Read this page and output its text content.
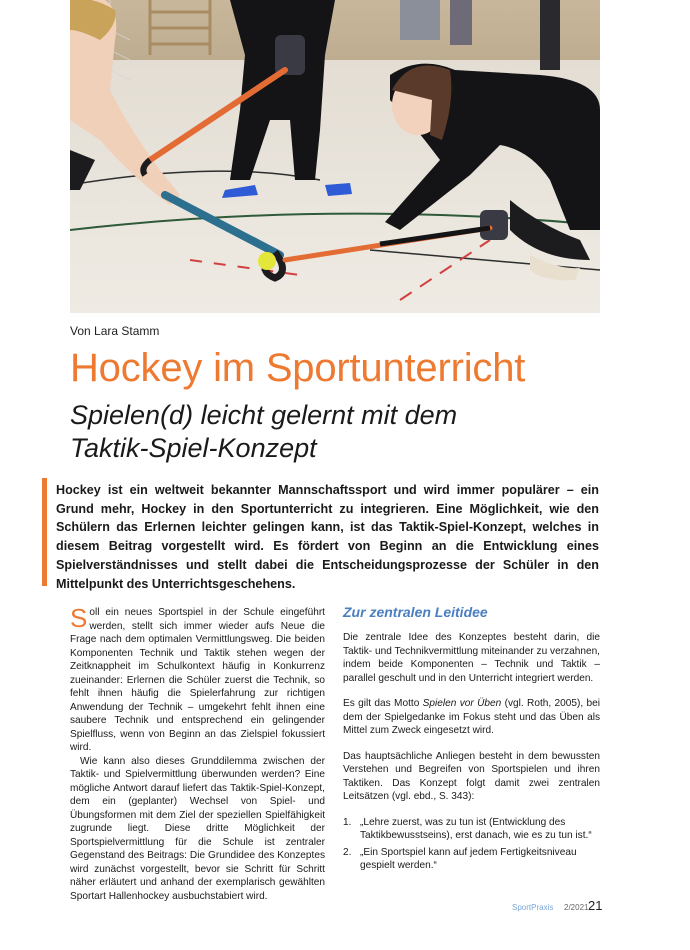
Von Lara Stamm
Hockey im Sportunterricht
Spielen(d) leicht gelernt mit dem
Taktik-Spiel-Konzept

Hockey ist ein weltweit bekannter Mannschaftssport und wird immer populärer – ein Grund mehr, Hockey in den Sportunterricht zu integrieren. Eine Möglichkeit, wie den Schülern das Erlernen leichter gelingen kann, ist das Taktik-Spiel-Konzept, welches in diesem Beitrag vorgestellt wird. Es fördert von Beginn an die Entwicklung eines Spielverständnisses und stellt dabei die Entscheidungsprozesse der Schüler in den Mittelpunkt des Unterrichtsgeschehens.

Soll ein neues Sportspiel in der Schule eingeführt werden, stellt sich immer wieder aufs Neue die Frage nach dem optimalen Vermittlungsweg. Die beiden Komponenten Technik und Taktik stehen wegen der Zeitknappheit im Schulkontext häufig in Konkurrenz zueinander: Erlernen die Schüler zuerst die Technik, so fehlt ihnen häufig die Spielerfahrung zur richtigen Anwendung der Technik – umgekehrt fehlt ihnen eine saubere Technik und entsprechend ein gelingender Spielfluss, wenn von Beginn an das Zielspiel fokussiert wird.

Wie kann also dieses Grunddilemma zwischen der Taktik- und Spielvermittlung überwunden werden? Eine mögliche Antwort darauf liefert das Taktik-Spiel-Konzept, dem ein (geplanter) Wechsel von Spiel- und Übungsformen mit dem Ziel der speziellen Spielfähigkeit zugrunde liegt. Diese dritte Möglichkeit der Sportspielvermittlung für die Schule ist zentraler Gegenstand des Beitrags: Die Grundidee des Konzeptes wird zunächst vorgestellt, bevor sie Schritt für Schritt näher erläutert und anhand der exemplarisch gewählten Sportart Hallenhockey ausbuchstabiert wird.

Zur zentralen Leitidee

Die zentrale Idee des Konzeptes besteht darin, die Taktik- und Technikvermittlung miteinander zu verzahnen, indem beide Komponenten – Technik und Taktik – parallel geschult und in den Unterricht integriert werden.

Es gilt das Motto Spielen vor Üben (vgl. Roth, 2005), bei dem der Spielgedanke im Fokus steht und das Üben als Mittel zum Zweck eingesetzt wird.

Das hauptsächliche Anliegen besteht in dem bewussten Verstehen und Begreifen von Sportspielen und ihren Taktiken. Das Konzept folgt damit zwei zentralen Leitsätzen (vgl. ebd., S. 343):

1. „Lehre zuerst, was zu tun ist (Entwicklung des Taktikbewusstseins), erst danach, wie es zu tun ist.“
2. „Ein Sportspiel kann auf jedem Fertigkeitsniveau gespielt werden.“
SportPraxis 2/2021 21
